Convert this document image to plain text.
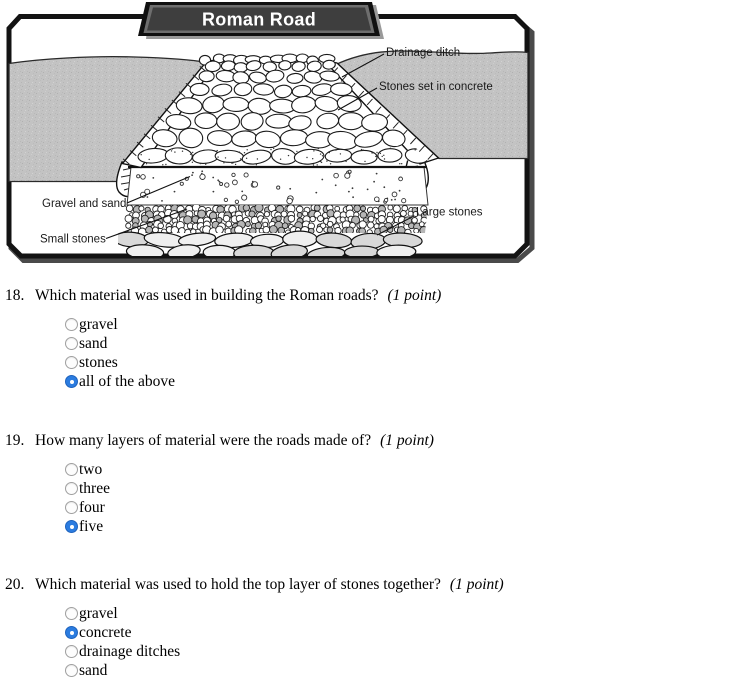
Drainage ditch
Stones set in concrete
Gravel and sand
Small stones
Large stones
Roman Road
18. Which material was used in building the Roman roads? (1 point)
gravel
sand
stones
all of the above
19. How many layers of material were the roads made of? (1 point)
two
three
four
five
20. Which material was used to hold the top layer of stones together? (1 point)
gravel
concrete
drainage ditches
sand
